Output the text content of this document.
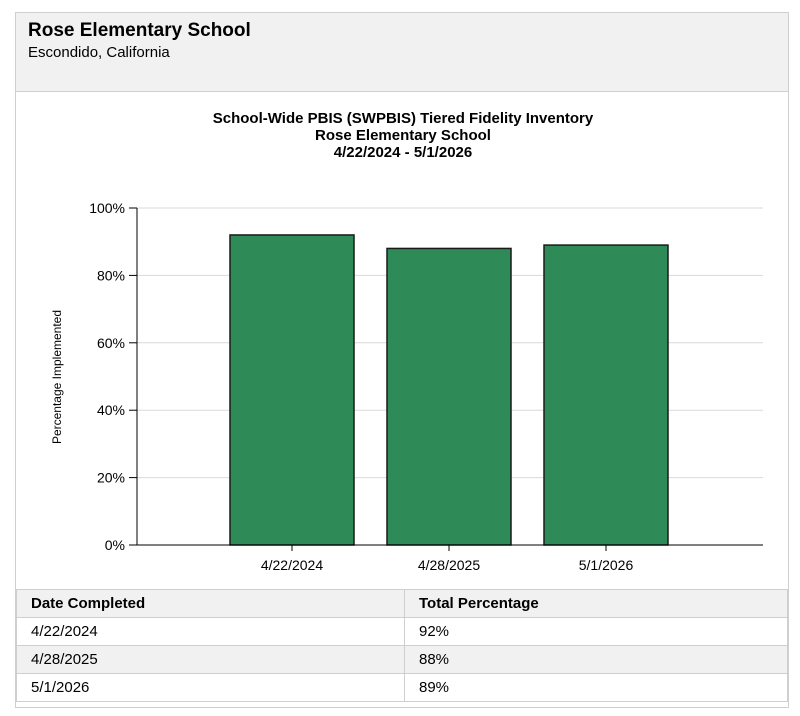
Rose Elementary School
Escondido, California
School-Wide PBIS (SWPBIS) Tiered Fidelity Inventory
Rose Elementary School
4/22/2024 - 5/1/2026
0%
20%
40%
60%
80%
100%
4/22/2024	4/28/2025	5/1/2026
Percentage Implemented
Date Completed	Total Percentage
4/22/2024	92%
4/28/2025	88%
5/1/2026	89%
